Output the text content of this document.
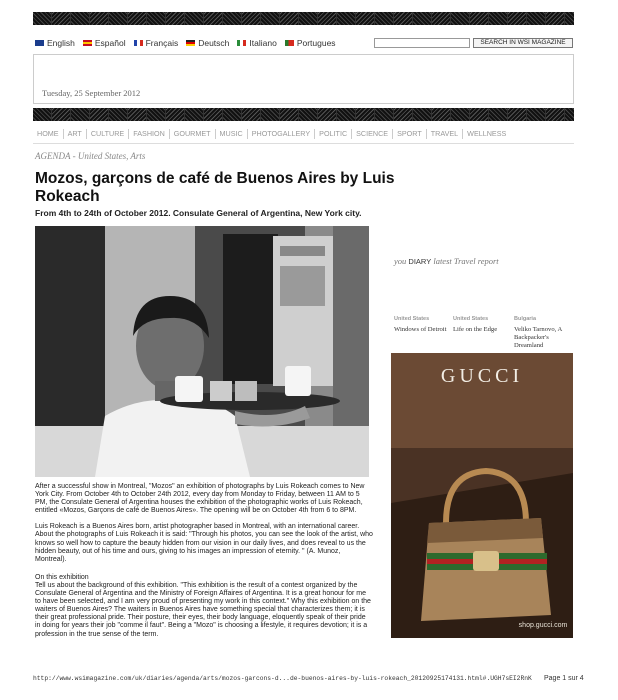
English Español Français Deutsch Italiano Portugues	SEARCH IN WSI MAGAZINE
Tuesday, 25 September 2012
HOME	ART	CULTURE	FASHION	GOURMET	MUSIC	PHOTOGALLERY	POLITIC	SCIENCE	SPORT	TRAVEL	WELLNESS
AGENDA - United States, Arts
Mozos, garçons de café de Buenos Aires by Luis Rokeach
From 4th to 24th of October 2012. Consulate General of Argentina, New York city.

After a successful show in Montreal, "Mozos" an exhibition of photographs by Luis Rokeach comes to New York City. From October 4th to October 24th 2012, every day from Monday to Friday, between 11 AM to 5 PM, the Consulate General of Argentina houses the exhibition of the photographic works of Luis Rokeach, entitled «Mozos, Garçons de café de Buenos Aires». The opening will be on October 4th from 6 to 8PM.

Luis Rokeach is a Buenos Aires born, artist photographer based in Montreal, with an international career. About the photographs of Luis Rokeach it is said: "Through his photos, you can see the look of the artist, who knows so well how to capture the beauty hidden from our vision in our daily lives, and does reveal to us the hidden beauty, out of his time and ours, giving to his images an impression of eternity. " (A. Munoz, Montreal).

On this exhibition
Tell us about the background of this exhibition. "This exhibition is the result of a contest organized by the Consulate General of Argentina and the Ministry of Foreign Affaires of Argentina. It is a great honour for me to have been selected, and I am very proud of presenting my work in this context." Why this exhibition on the waiters of Buenos Aires? The waiters in Buenos Aires have something special that characterizes them; it is their great professional pride. Their posture, their eyes, their body language, eloquently speak of their pride in doing for years their job "comme il faut". Being a "Mozo" is choosing a lifestyle, it requires devotion; it is a profession in the true sense of the term.

you DIARY latest Travel report
United States
Windows of Detroit
United States
Life on the Edge
Bulgaria
Veliko Tarnovo, A Backpacker's Dreamland
GUCCI
shop.gucci.com
http://www.wsimagazine.com/uk/diaries/agenda/arts/mozos-garcons-d...de-buenos-aires-by-luis-rokeach_20120925174131.html#.UGH7sEI2RnK Page 1 sur 4
